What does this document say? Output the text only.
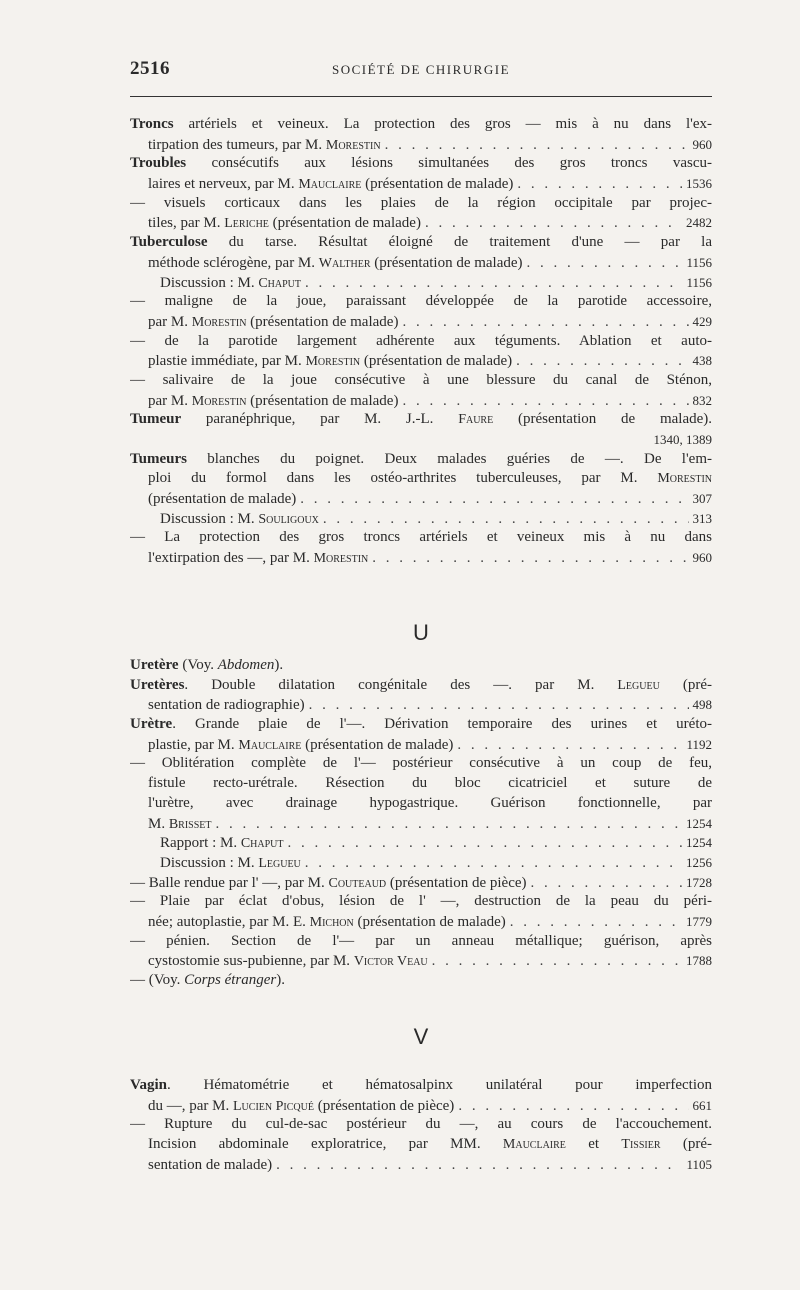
2516	SOCIÉTÉ DE CHIRURGIE
Troncs artériels et veineux. La protection des gros — mis à nu dans l'ex-
tirpation des tumeurs, par M. Morestin . . .	960
Troubles consécutifs aux lésions simultanées des gros troncs vascu-
laires et nerveux, par M. Mauclaire (présentation de malade) . . .	1536
— visuels corticaux dans les plaies de la région occipitale par projec-
tiles, par M. Leriche (présentation de malade) . . .	2482
Tuberculose du tarse. Résultat éloigné de traitement d'une — par la
méthode sclérogène, par M. Walther (présentation de malade) . . .	1156
Discussion : M. Chaput . . .	1156
— maligne de la joue, paraissant développée de la parotide accessoire,
par M. Morestin (présentation de malade) . . .	429
— de la parotide largement adhérente aux téguments. Ablation et auto-
plastie immédiate, par M. Morestin (présentation de malade) . . .	438
— salivaire de la joue consécutive à une blessure du canal de Sténon,
par M. Morestin (présentation de malade) . . .	832
Tumeur paranéphrique, par M. J.-L. Faure (présentation de malade).
1340, 1389
Tumeurs blanches du poignet. Deux malades guéries de —. De l'em-
ploi du formol dans les ostéo-arthrites tuberculeuses, par M. Morestin
(présentation de malade) . . .	307
Discussion : M. Souligoux . . .	313
— La protection des gros troncs artériels et veineux mis à nu dans
l'extirpation des —, par M. Morestin . . .	960
U
Uretère (Voy. Abdomen).
Uretères. Double dilatation congénitale des —. par M. Legueu (pré-
sentation de radiographie) . . .	498
Urètre. Grande plaie de l'—. Dérivation temporaire des urines et uréto-
plastie, par M. Mauclaire (présentation de malade) . . .	1192
— Oblitération complète de l'— postérieur consécutive à un coup de feu,
fistule recto-urétrale. Résection du bloc cicatriciel et suture de
l'urètre, avec drainage hypogastrique. Guérison fonctionnelle, par
M. Brisset . . .	1254
Rapport : M. Chaput . . .	1254
Discussion : M. Legueu . . .	1256
— Balle rendue par l' —, par M. Couteaud (présentation de pièce) . . .	1728
— Plaie par éclat d'obus, lésion de l' —, destruction de la peau du péri-
née; autoplastie, par M. E. Michon (présentation de malade) . . .	1779
— pénien. Section de l'— par un anneau métallique; guérison, après
cystostomie sus-pubienne, par M. Victor Veau . . .	1788
— (Voy. Corps étranger).
V
Vagin. Hématométrie et hématosalpinx unilatéral pour imperfection
du —, par M. Lucien Picqué (présentation de pièce) . . .	661
— Rupture du cul-de-sac postérieur du —, au cours de l'accouchement.
Incision abdominale exploratrice, par MM. Mauclaire et Tissier (pré-
sentation de malade) . . .	1105
